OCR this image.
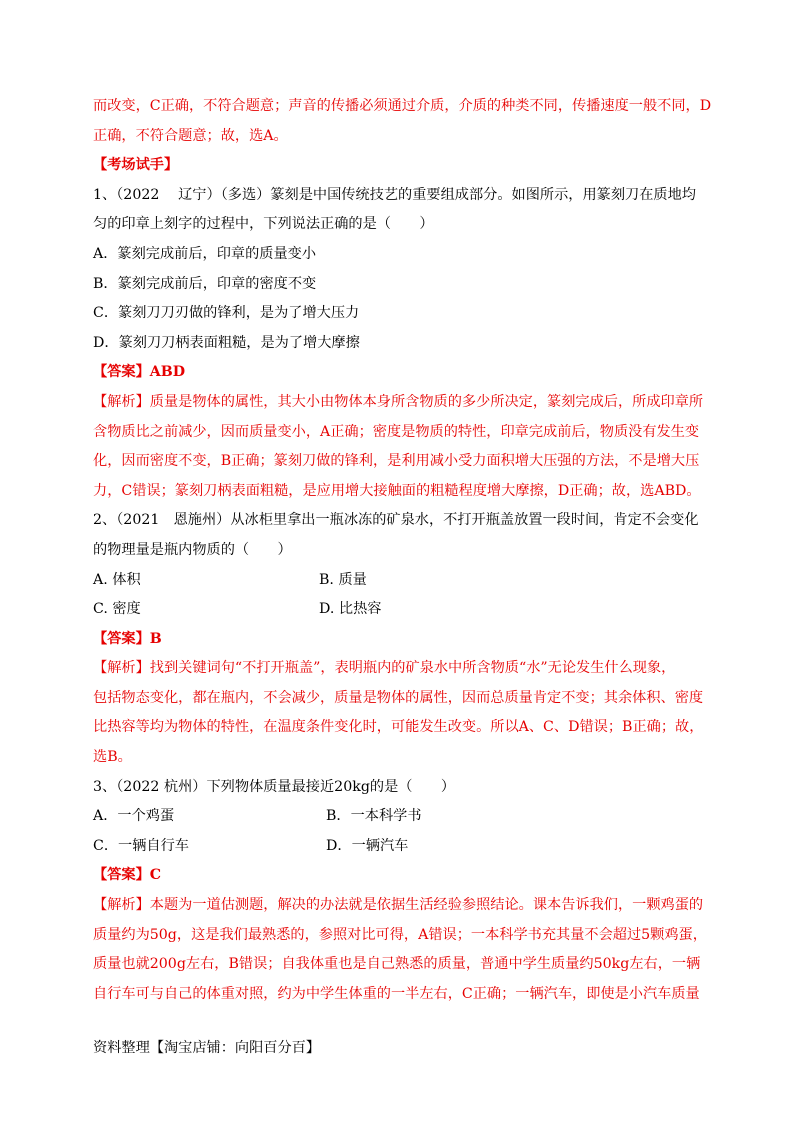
而改变，C正确，不符合题意；声音的传播必须通过介质，介质的种类不同，传播速度一般不同，D

正确，不符合题意；故，选A。

【考场试手】

1、（2022　 辽宁）（多选）篆刻是中国传统技艺的重要组成部分。如图所示，用篆刻刀在质地均

匀的印章上刻字的过程中，下列说法正确的是（　　）

A．篆刻完成前后，印章的质量变小

B．篆刻完成前后，印章的密度不变

C．篆刻刀刀刃做的锋利，是为了增大压力

D．篆刻刀刀柄表面粗糙，是为了增大摩擦

【答案】ABD

【解析】质量是物体的属性，其大小由物体本身所含物质的多少所决定，篆刻完成后，所成印章所

含物质比之前减少，因而质量变小，A正确；密度是物质的特性，印章完成前后，物质没有发生变

化，因而密度不变，B正确；篆刻刀做的锋利，是利用减小受力面积增大压强的方法，不是增大压

力，C错误；篆刻刀柄表面粗糙，是应用增大接触面的粗糙程度增大摩擦，D正确；故，选ABD。

2、（2021　恩施州）从冰柜里拿出一瓶冰冻的矿泉水，不打开瓶盖放置一段时间，肯定不会变化

的物理量是瓶内物质的（　　）

A. 体积	B. 质量
C. 密度	D. 比热容

【答案】B

【解析】找到关键词句“不打开瓶盖”，表明瓶内的矿泉水中所含物质“水”无论发生什么现象，

包括物态变化，都在瓶内，不会减少，质量是物体的属性，因而总质量肯定不变；其余体积、密度

比热容等均为物体的特性，在温度条件变化时，可能发生改变。所以A、C、D错误；B正确；故，

选B。

3、（2022 杭州）下列物体质量最接近20kg的是（　　）

A．一个鸡蛋	B．一本科学书
C．一辆自行车	D．一辆汽车

【答案】C

【解析】本题为一道估测题，解决的办法就是依据生活经验参照结论。课本告诉我们，一颗鸡蛋的

质量约为50g，这是我们最熟悉的，参照对比可得，A错误；一本科学书充其量不会超过5颗鸡蛋，

质量也就200g左右，B错误；自我体重也是自己熟悉的质量，普通中学生质量约50kg左右，一辆

自行车可与自己的体重对照，约为中学生体重的一半左右，C正确；一辆汽车，即使是小汽车质量

资料整理【淘宝店铺：向阳百分百】
